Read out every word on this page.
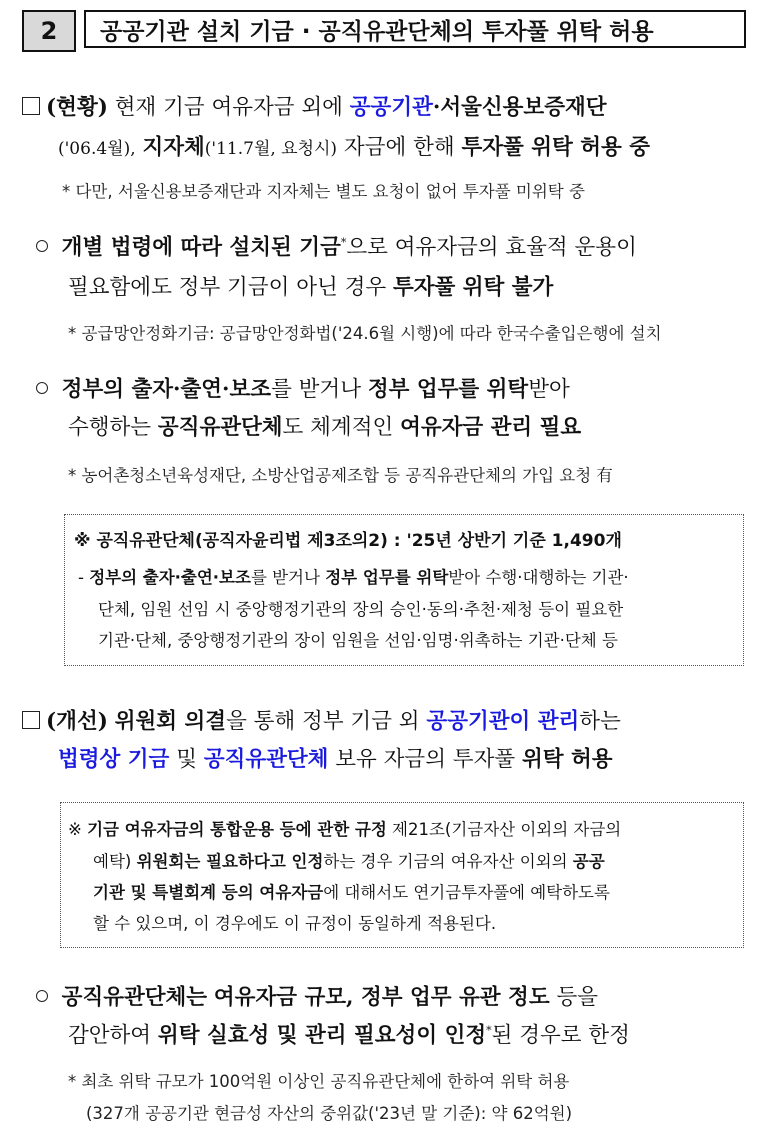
2	공공기관 설치 기금 · 공직유관단체의 투자풀 위탁 허용
(현황) 현재 기금 여유자금 외에 공공기관·서울신용보증재단
('06.4월), 지자체('11.7월, 요청시) 자금에 한해 투자풀 위탁 허용 중
* 다만, 서울신용보증재단과 지자체는 별도 요청이 없어 투자풀 미위탁 중
개별 법령에 따라 설치된 기금*으로 여유자금의 효율적 운용이
필요함에도 정부 기금이 아닌 경우 투자풀 위탁 불가
* 공급망안정화기금: 공급망안정화법('24.6월 시행)에 따라 한국수출입은행에 설치
정부의 출자·출연·보조를 받거나 정부 업무를 위탁받아
수행하는 공직유관단체도 체계적인 여유자금 관리 필요
* 농어촌청소년육성재단, 소방산업공제조합 등 공직유관단체의 가입 요청 有
※ 공직유관단체(공직자윤리법 제3조의2) : '25년 상반기 기준 1,490개
- 정부의 출자·출연·보조를 받거나 정부 업무를 위탁받아 수행·대행하는 기관·
단체, 임원 선임 시 중앙행정기관의 장의 승인·동의·추천·제청 등이 필요한
기관·단체, 중앙행정기관의 장이 임원을 선임·임명·위촉하는 기관·단체 등
(개선) 위원회 의결을 통해 정부 기금 외 공공기관이 관리하는
법령상 기금 및 공직유관단체 보유 자금의 투자풀 위탁 허용
※ 기금 여유자금의 통합운용 등에 관한 규정 제21조(기금자산 이외의 자금의
예탁) 위원회는 필요하다고 인정하는 경우 기금의 여유자산 이외의 공공
기관 및 특별회계 등의 여유자금에 대해서도 연기금투자풀에 예탁하도록
할 수 있으며, 이 경우에도 이 규정이 동일하게 적용된다.
공직유관단체는 여유자금 규모, 정부 업무 유관 정도 등을
감안하여 위탁 실효성 및 관리 필요성이 인정*된 경우로 한정
* 최초 위탁 규모가 100억원 이상인 공직유관단체에 한하여 위탁 허용
(327개 공공기관 현금성 자산의 중위값('23년 말 기준): 약 62억원)
